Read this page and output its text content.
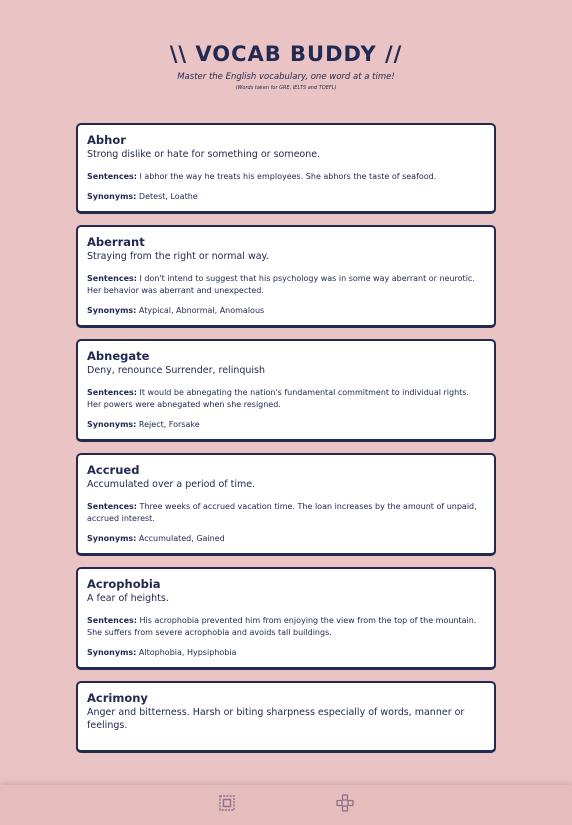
\\ VOCAB BUDDY //
Master the English vocabulary, one word at a time!
(Words taken for GRE, IELTS and TOEFL)
Abhor
Strong dislike or hate for something or someone.
Sentences: I abhor the way he treats his employees. She abhors the taste of seafood.
Synonyms: Detest, Loathe
Aberrant
Straying from the right or normal way.
Sentences: I don't intend to suggest that his psychology was in some way aberrant or neurotic. Her behavior was aberrant and unexpected.
Synonyms: Atypical, Abnormal, Anomalous
Abnegate
Deny, renounce Surrender, relinquish
Sentences: It would be abnegating the nation's fundamental commitment to individual rights. Her powers were abnegated when she resigned.
Synonyms: Reject, Forsake
Accrued
Accumulated over a period of time.
Sentences: Three weeks of accrued vacation time. The loan increases by the amount of unpaid, accrued interest.
Synonyms: Accumulated, Gained
Acrophobia
A fear of heights.
Sentences: His acrophobia prevented him from enjoying the view from the top of the mountain. She suffers from severe acrophobia and avoids tall buildings.
Synonyms: Altophobia, Hypsiphobia
Acrimony
Anger and bitterness. Harsh or biting sharpness especially of words, manner or feelings.
